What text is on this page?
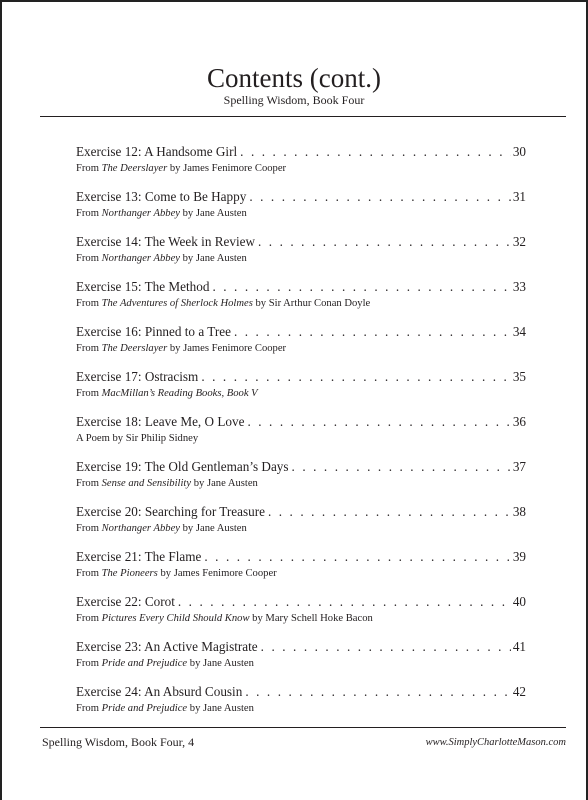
Contents (cont.)
Spelling Wisdom, Book Four
Exercise 12: A Handsome Girl . . .	30
From The Deerslayer by James Fenimore Cooper
Exercise 13: Come to Be Happy . . .	31
From Northanger Abbey by Jane Austen
Exercise 14: The Week in Review . . .	32
From Northanger Abbey by Jane Austen
Exercise 15: The Method . . .	33
From The Adventures of Sherlock Holmes by Sir Arthur Conan Doyle
Exercise 16: Pinned to a Tree . . .	34
From The Deerslayer by James Fenimore Cooper
Exercise 17: Ostracism . . .	35
From MacMillan’s Reading Books, Book V
Exercise 18: Leave Me, O Love . . .	36
A Poem by Sir Philip Sidney
Exercise 19: The Old Gentleman’s Days . . .	37
From Sense and Sensibility by Jane Austen
Exercise 20: Searching for Treasure . . .	38
From Northanger Abbey by Jane Austen
Exercise 21: The Flame . . .	39
From The Pioneers by James Fenimore Cooper
Exercise 22: Corot . . .	40
From Pictures Every Child Should Know by Mary Schell Hoke Bacon
Exercise 23: An Active Magistrate . . .	41
From Pride and Prejudice by Jane Austen
Exercise 24: An Absurd Cousin . . .	42
From Pride and Prejudice by Jane Austen
Spelling Wisdom, Book Four, 4	www.SimplyCharlotteMason.com
